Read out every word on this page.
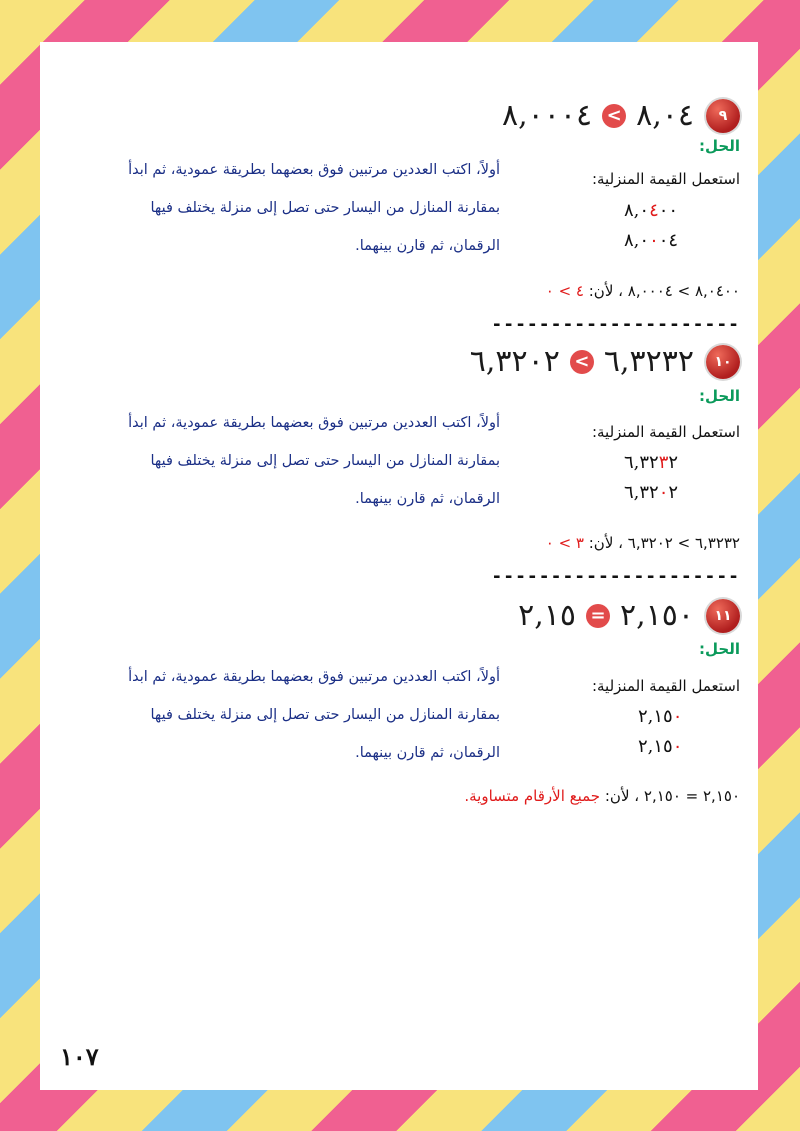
٨,٠٠٠٤ < ٨,٠٤	٩
الحل:
أولاً، اكتب العددين مرتبين فوق بعضهما بطريقة عمودية، ثم ابدأ
بمقارنة المنازل من اليسار حتى تصل إلى منزلة يختلف فيها
الرقمان، ثم قارن بينهما.
استعمل القيمة المنزلية:
٨,٠٤٠٠
٨,٠٠٠٤
٨,٠٤٠٠ > ٨,٠٠٠٤ ، لأن: ٤ > ٠
---------------------
٦,٣٢٠٢ < ٦,٣٢٣٢	١٠
الحل:
أولاً، اكتب العددين مرتبين فوق بعضهما بطريقة عمودية، ثم ابدأ
بمقارنة المنازل من اليسار حتى تصل إلى منزلة يختلف فيها
الرقمان، ثم قارن بينهما.
استعمل القيمة المنزلية:
٦,٣٢٣٢
٦,٣٢٠٢
٦,٣٢٣٢ > ٦,٣٢٠٢ ، لأن: ٣ > ٠
---------------------
٢,١٥ = ٢,١٥٠	١١
الحل:
أولاً، اكتب العددين مرتبين فوق بعضهما بطريقة عمودية، ثم ابدأ
بمقارنة المنازل من اليسار حتى تصل إلى منزلة يختلف فيها
الرقمان، ثم قارن بينهما.
استعمل القيمة المنزلية:
٢,١٥٠
٢,١٥٠
٢,١٥٠ = ٢,١٥٠ ، لأن: جميع الأرقام متساوية.
١٠٧
